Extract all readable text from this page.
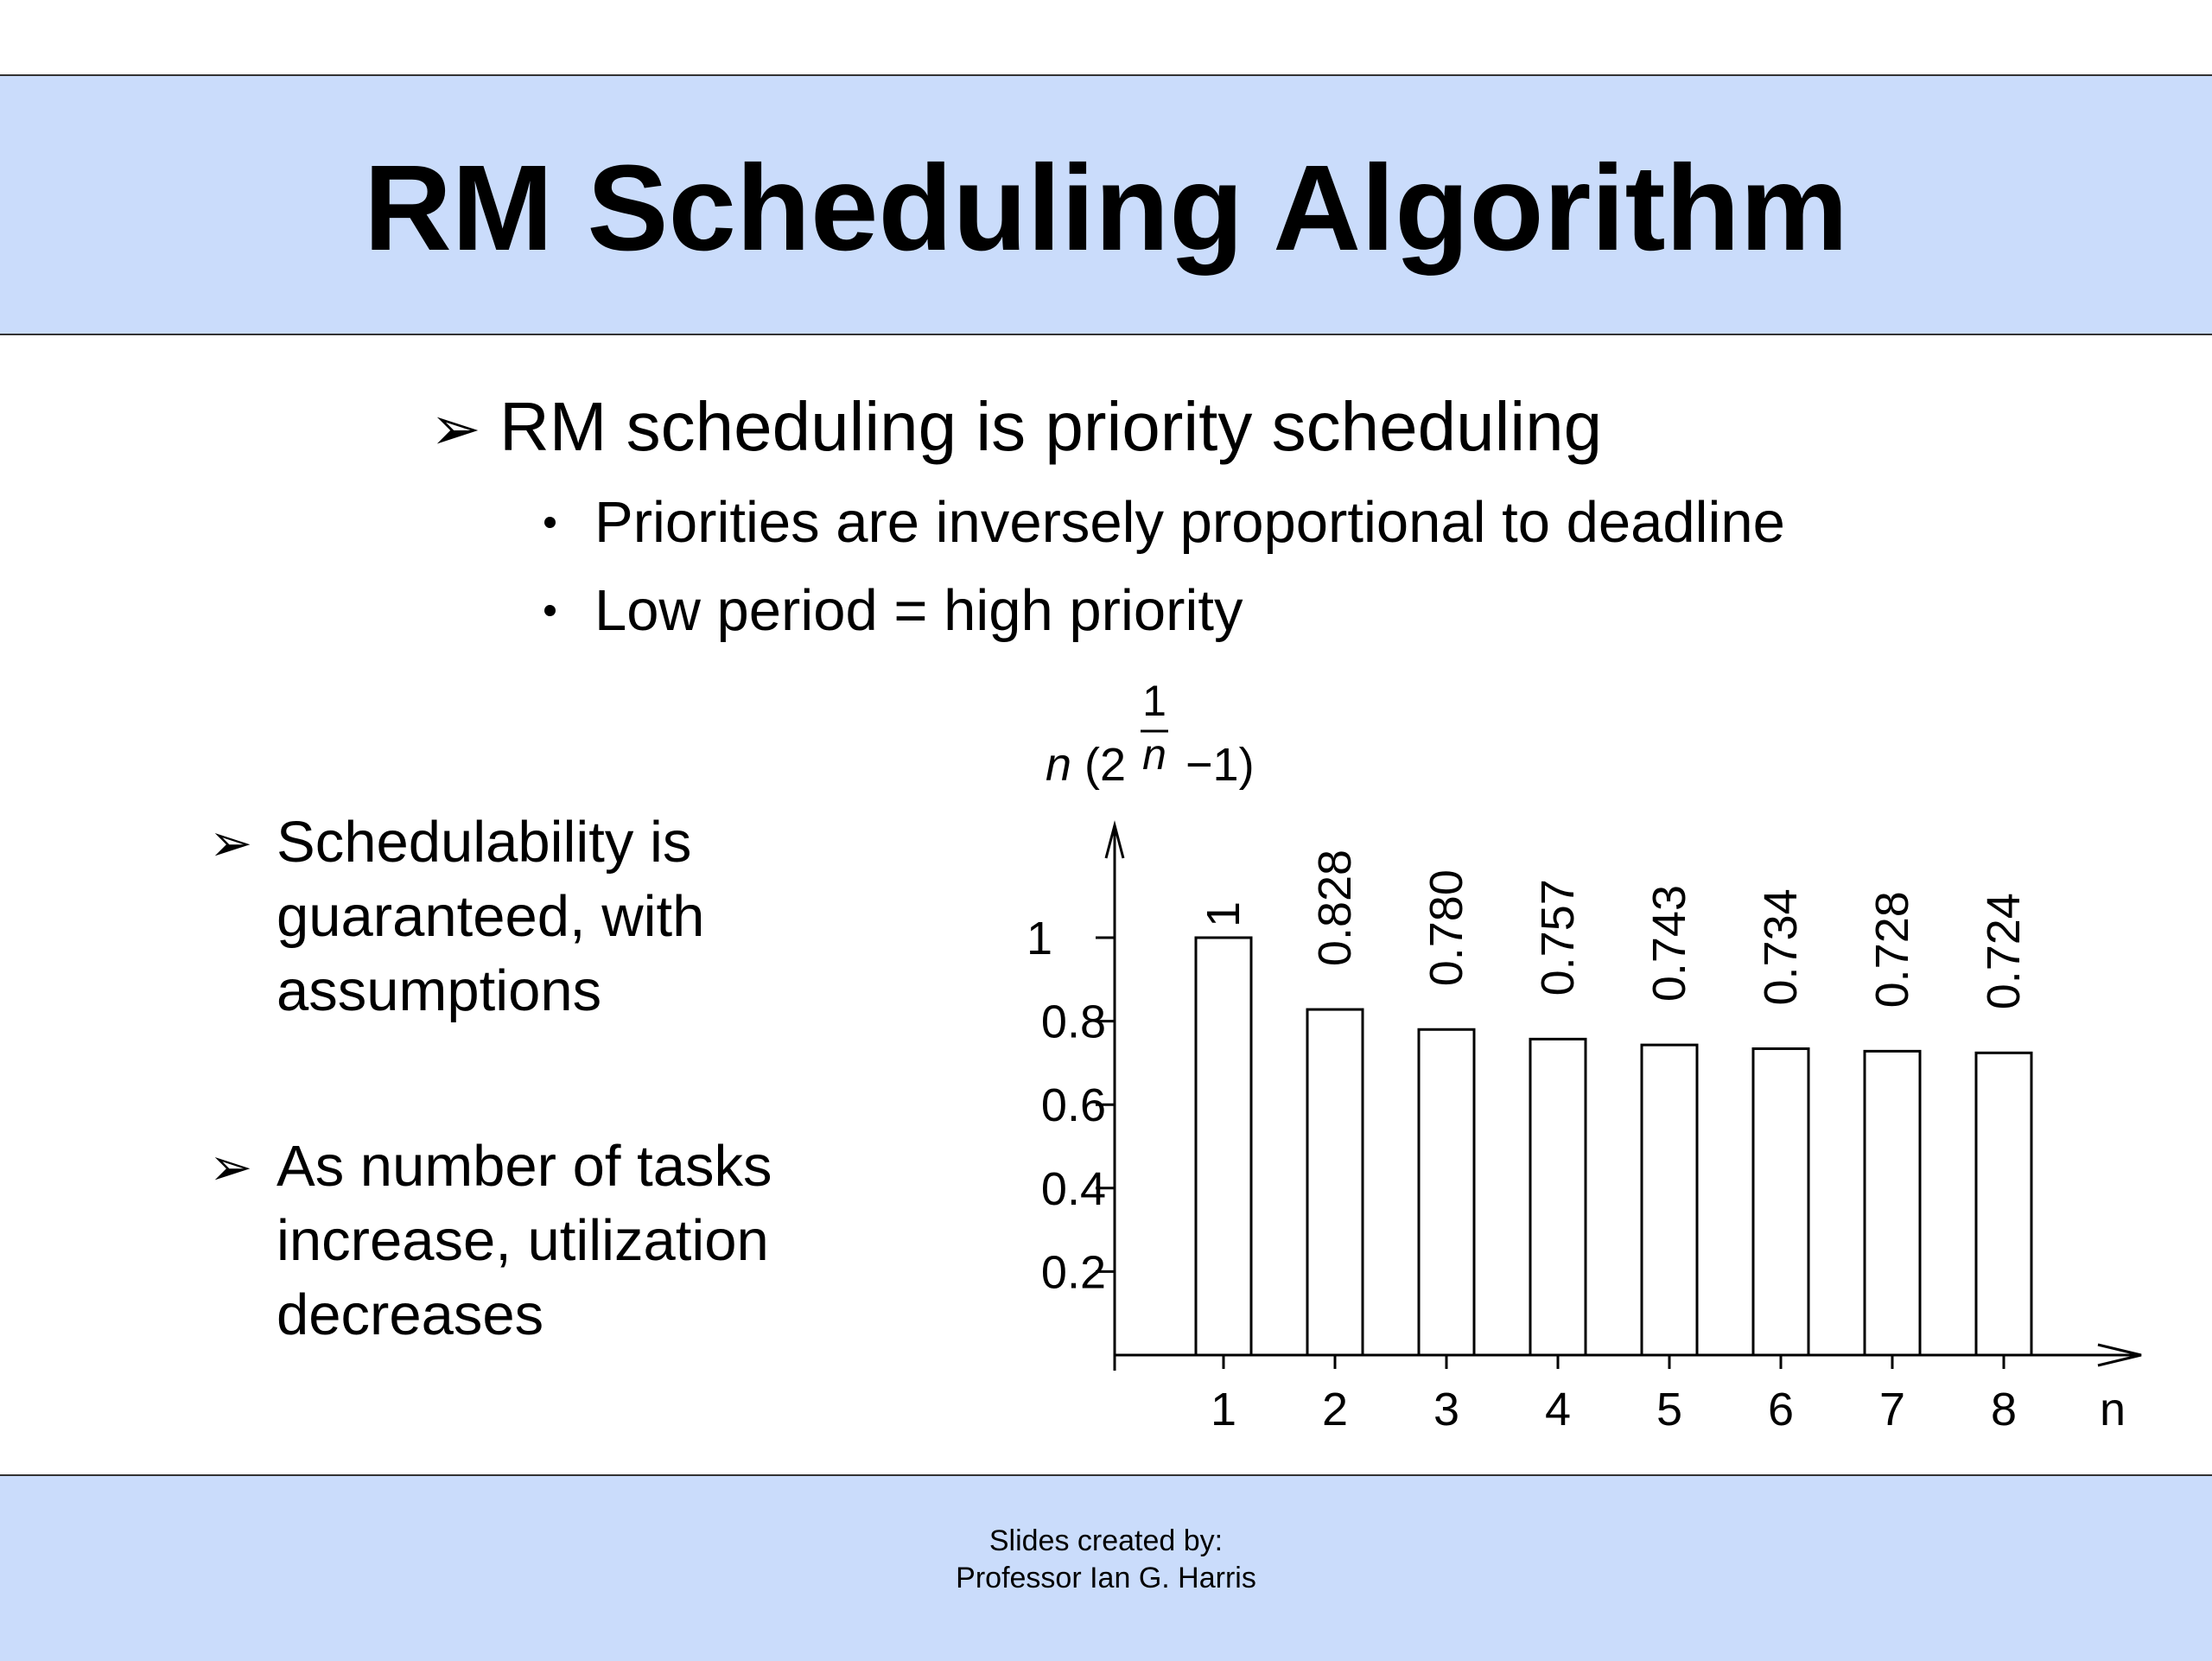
RM Scheduling Algorithm
➢ RM scheduling is priority scheduling
Priorities are inversely proportional to deadline
Low period = high priority
➢ Schedulability is
guaranteed, with
assumptions
➢ As number of tasks
increase, utilization
decreases
0.2
0.4
0.6
0.8
1
1
1
2
0.828
3
0.780
4
0.757
5
0.743
6
0.734
7
0.728
8
0.724
n
n (2
1
n −1)
Slides created by:
Professor Ian G. Harris
